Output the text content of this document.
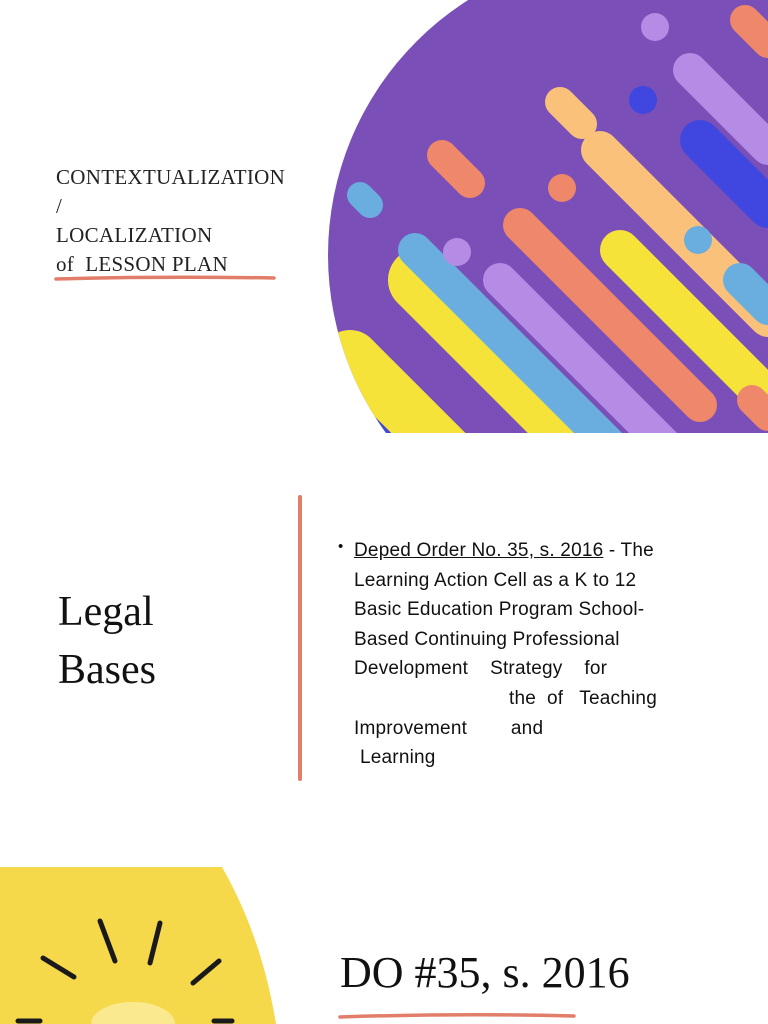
CONTEXTUALIZATION
/
LOCALIZATION
of  LESSON PLAN
Legal
Bases
• Deped Order No. 35, s. 2016 - The
Learning Action Cell as a K to 12
Basic Education Program School-
Based Continuing Professional
Development    Strategy    for
the  of   Teaching
Improvement        and
Learning
DO #35, s. 2016
